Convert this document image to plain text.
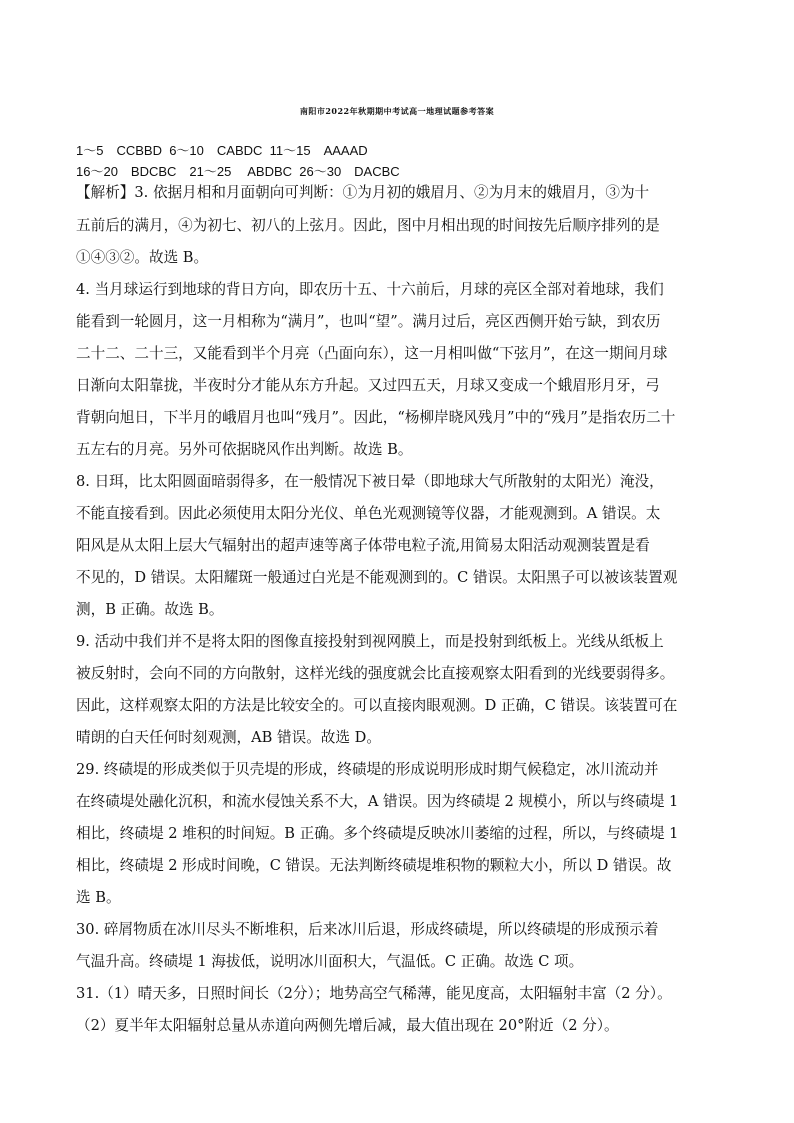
南阳市2022年秋期期中考试高一地理试题参考答案
1～5　CCBBD  6～10　CABDC  11～15　AAAAD
16～20　BDCBC　21～25　 ABDBC  26～30　DACBC
【解析】3. 依据月相和月面朝向可判断：①为月初的娥眉月、②为月末的娥眉月，③为十
五前后的满月，④为初七、初八的上弦月。因此，图中月相出现的时间按先后顺序排列的是
①④③②。故选 B。
4. 当月球运行到地球的背日方向，即农历十五、十六前后，月球的亮区全部对着地球，我们
能看到一轮圆月，这一月相称为“满月”，也叫“望”。满月过后，亮区西侧开始亏缺，到农历
二十二、二十三，又能看到半个月亮（凸面向东），这一月相叫做“下弦月”，在这一期间月球
日渐向太阳靠拢，半夜时分才能从东方升起。又过四五天，月球又变成一个蛾眉形月牙，弓
背朝向旭日，下半月的峨眉月也叫“残月”。因此，“杨柳岸晓风残月”中的“残月”是指农历二十
五左右的月亮。另外可依据晓风作出判断。故选 B。
8. 日珥，比太阳圆面暗弱得多，在一般情况下被日晕（即地球大气所散射的太阳光）淹没，
不能直接看到。因此必须使用太阳分光仪、单色光观测镜等仪器，才能观测到。A 错误。太
阳风是从太阳上层大气辐射出的超声速等离子体带电粒子流,用简易太阳活动观测装置是看
不见的，D 错误。太阳耀斑一般通过白光是不能观测到的。C 错误。太阳黑子可以被该装置观
测，B 正确。故选 B。
9. 活动中我们并不是将太阳的图像直接投射到视网膜上，而是投射到纸板上。光线从纸板上
被反射时，会向不同的方向散射，这样光线的强度就会比直接观察太阳看到的光线要弱得多。
因此，这样观察太阳的方法是比较安全的。可以直接肉眼观测。D 正确，C 错误。该装置可在
晴朗的白天任何时刻观测，AB 错误。故选 D。
29. 终碛堤的形成类似于贝壳堤的形成，终碛堤的形成说明形成时期气候稳定，冰川流动并
在终碛堤处融化沉积，和流水侵蚀关系不大，A 错误。因为终碛堤 2 规模小，所以与终碛堤 1
相比，终碛堤 2 堆积的时间短。B 正确。多个终碛堤反映冰川萎缩的过程，所以，与终碛堤 1
相比，终碛堤 2 形成时间晚，C 错误。无法判断终碛堤堆积物的颗粒大小，所以 D 错误。故
选 B。
30. 碎屑物质在冰川尽头不断堆积，后来冰川后退，形成终碛堤，所以终碛堤的形成预示着
气温升高。终碛堤 1 海拔低，说明冰川面积大，气温低。C 正确。故选 C 项。
31.（1）晴天多，日照时间长（2分）；地势高空气稀薄，能见度高，太阳辐射丰富（2 分）。
（2）夏半年太阳辐射总量从赤道向两侧先增后减，最大值出现在 20°附近（2 分）。
